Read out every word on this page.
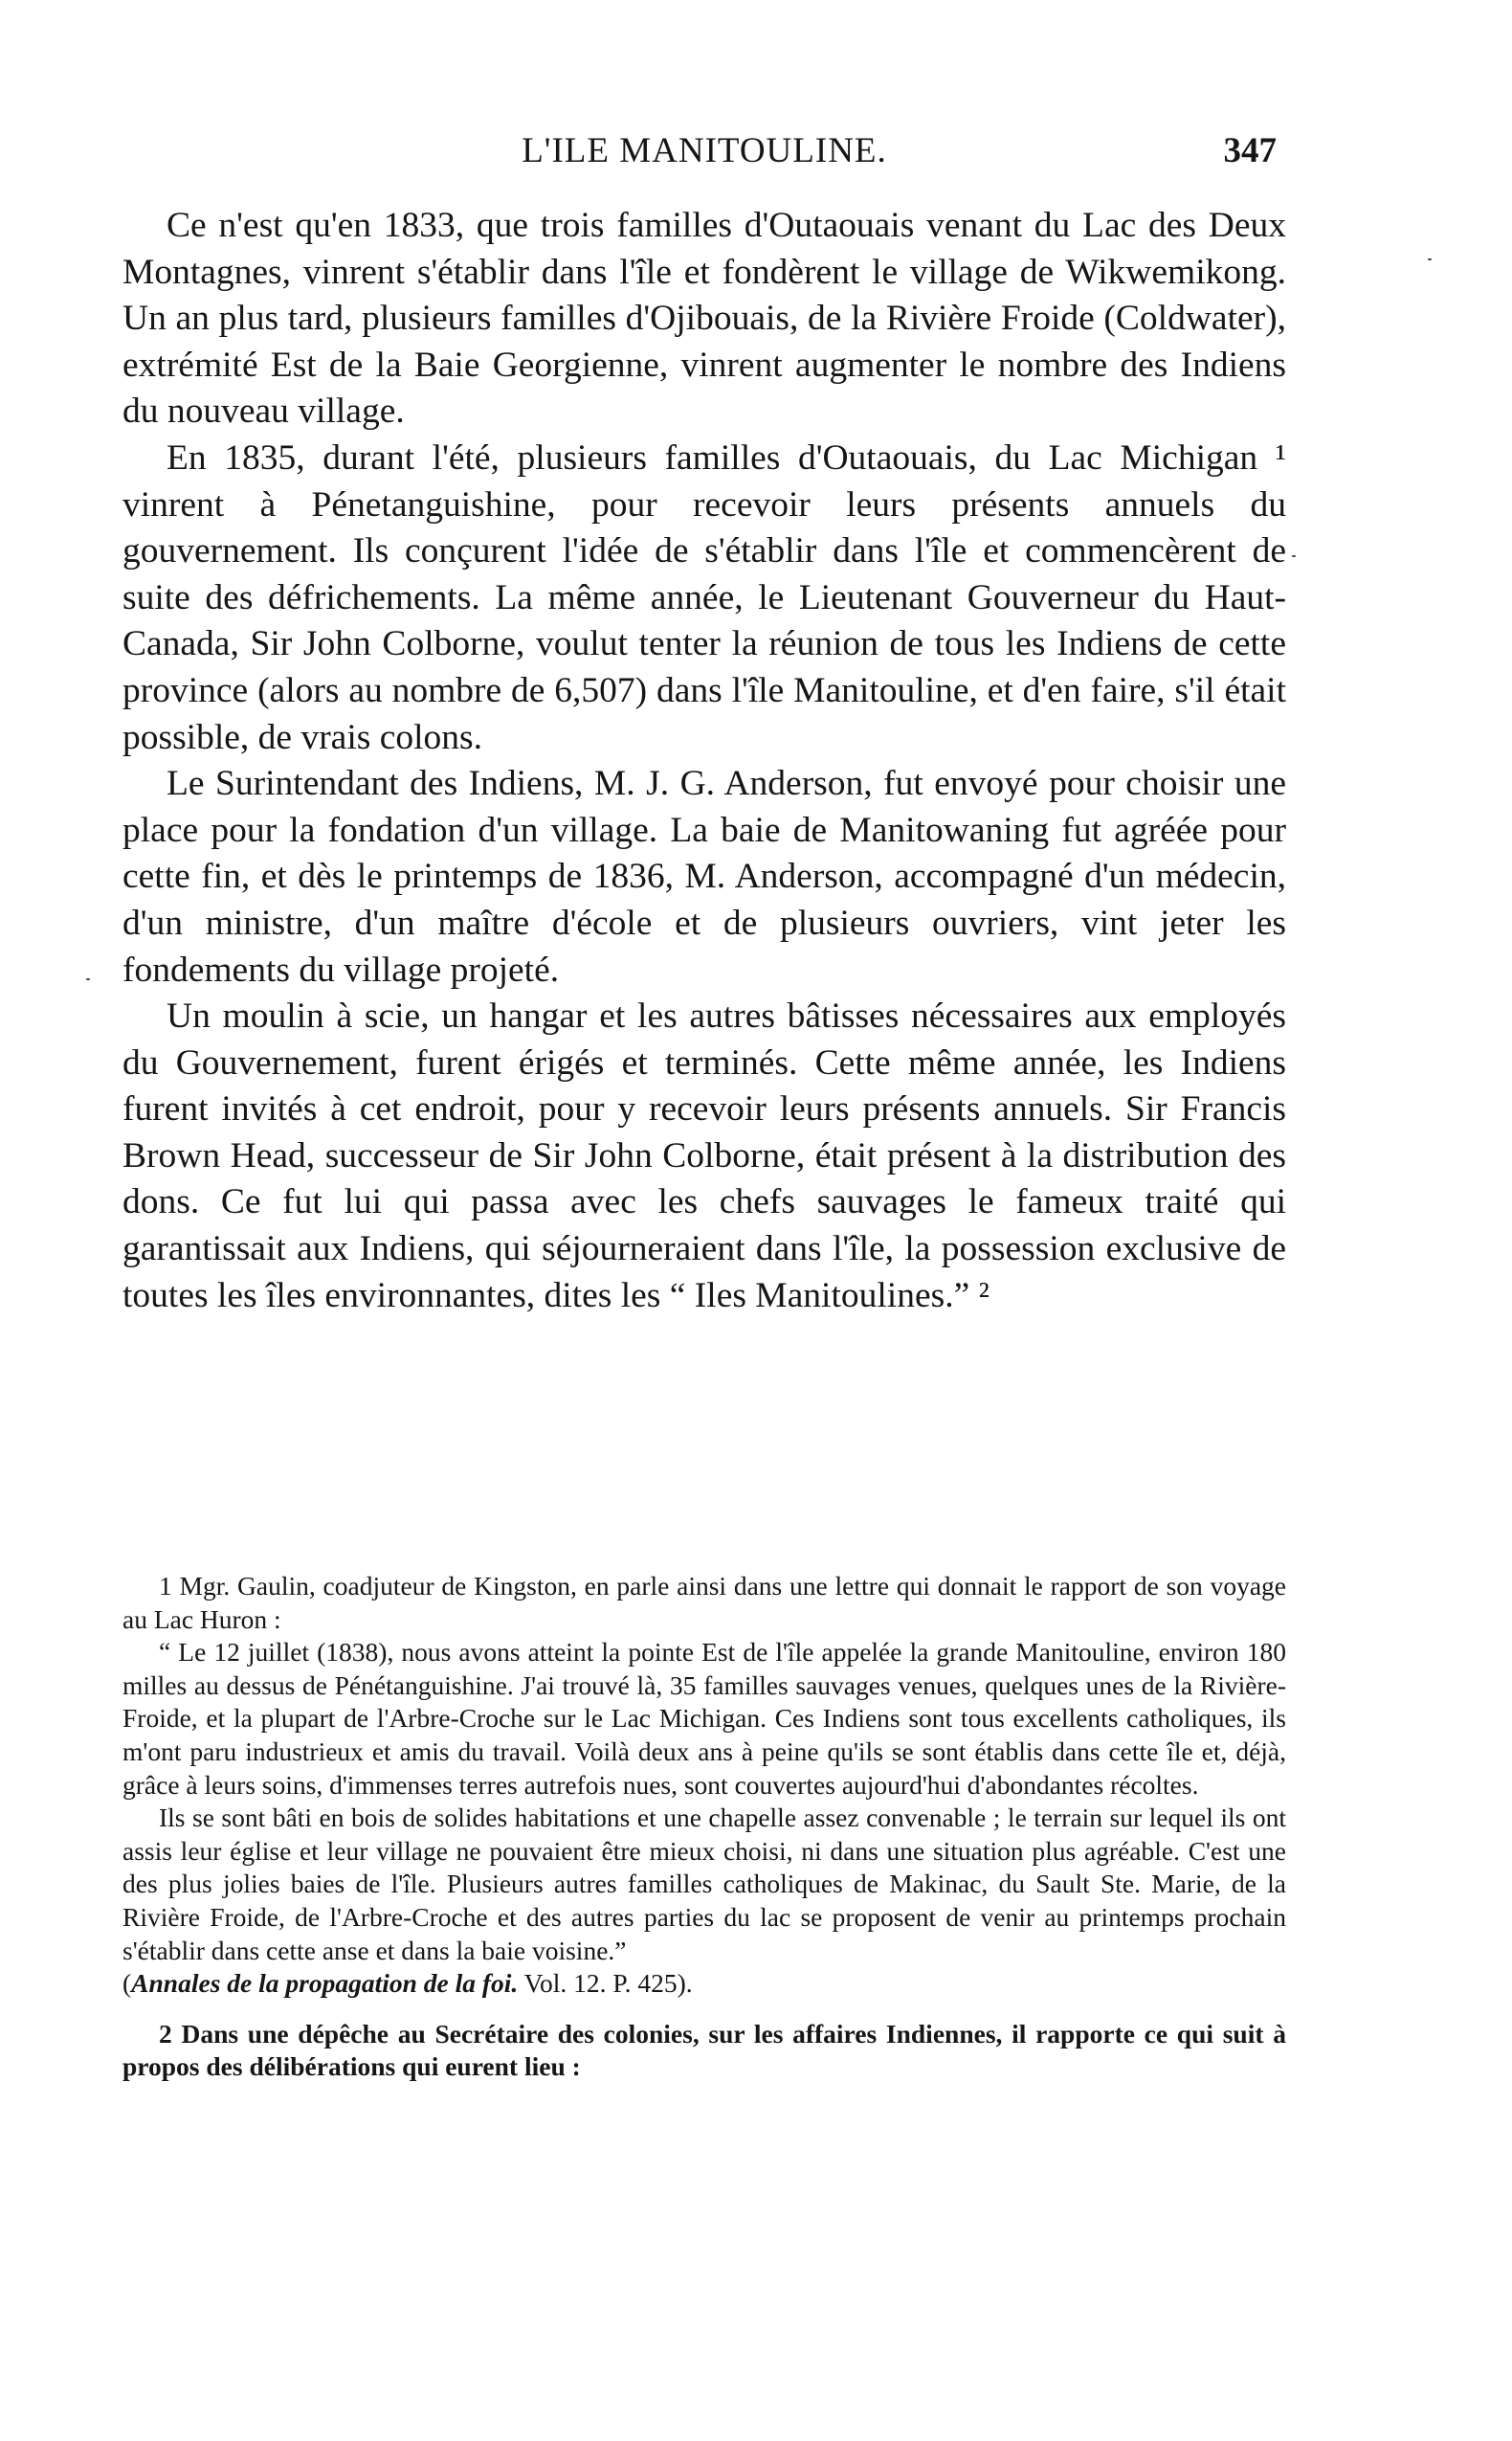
L'ILE MANITOULINE.	347

Ce n'est qu'en 1833, que trois familles d'Outaouais venant du Lac des Deux Montagnes, vinrent s'établir dans l'île et fondèrent le village de Wikwemikong. Un an plus tard, plusieurs familles d'Ojibouais, de la Rivière Froide (Coldwater), extrémité Est de la Baie Georgienne, vinrent augmenter le nombre des Indiens du nouveau village.

En 1835, durant l'été, plusieurs familles d'Outaouais, du Lac Michigan ¹ vinrent à Pénetanguishine, pour recevoir leurs présents annuels du gouvernement. Ils conçurent l'idée de s'établir dans l'île et commencèrent de suite des défrichements. La même année, le Lieutenant Gouverneur du Haut-Canada, Sir John Colborne, voulut tenter la réunion de tous les Indiens de cette province (alors au nombre de 6,507) dans l'île Manitouline, et d'en faire, s'il était possible, de vrais colons.

Le Surintendant des Indiens, M. J. G. Anderson, fut envoyé pour choisir une place pour la fondation d'un village. La baie de Manitowaning fut agréée pour cette fin, et dès le printemps de 1836, M. Anderson, accompagné d'un médecin, d'un ministre, d'un maître d'école et de plusieurs ouvriers, vint jeter les fondements du village projeté.

Un moulin à scie, un hangar et les autres bâtisses nécessaires aux employés du Gouvernement, furent érigés et terminés. Cette même année, les Indiens furent invités à cet endroit, pour y recevoir leurs présents annuels. Sir Francis Brown Head, successeur de Sir John Colborne, était présent à la distribution des dons. Ce fut lui qui passa avec les chefs sauvages le fameux traité qui garantissait aux Indiens, qui séjourneraient dans l'île, la possession exclusive de toutes les îles environnantes, dites les “ Iles Manitoulines.” ²

1 Mgr. Gaulin, coadjuteur de Kingston, en parle ainsi dans une lettre qui donnait le rapport de son voyage au Lac Huron :

“ Le 12 juillet (1838), nous avons atteint la pointe Est de l'île appelée la grande Manitouline, environ 180 milles au dessus de Pénétanguishine. J'ai trouvé là, 35 familles sauvages venues, quelques unes de la Rivière-Froide, et la plupart de l'Arbre-Croche sur le Lac Michigan. Ces Indiens sont tous excellents catholiques, ils m'ont paru industrieux et amis du travail. Voilà deux ans à peine qu'ils se sont établis dans cette île et, déjà, grâce à leurs soins, d'immenses terres autrefois nues, sont couvertes aujourd'hui d'abondantes récoltes.

Ils se sont bâti en bois de solides habitations et une chapelle assez convenable ; le terrain sur lequel ils ont assis leur église et leur village ne pouvaient être mieux choisi, ni dans une situation plus agréable. C'est une des plus jolies baies de l'île. Plusieurs autres familles catholiques de Makinac, du Sault Ste. Marie, de la Rivière Froide, de l'Arbre-Croche et des autres parties du lac se proposent de venir au printemps prochain s'établir dans cette anse et dans la baie voisine.”
(Annales de la propagation de la foi. Vol. 12. P. 425).

2 Dans une dépêche au Secrétaire des colonies, sur les affaires Indiennes, il rapporte ce qui suit à propos des délibérations qui eurent lieu :
